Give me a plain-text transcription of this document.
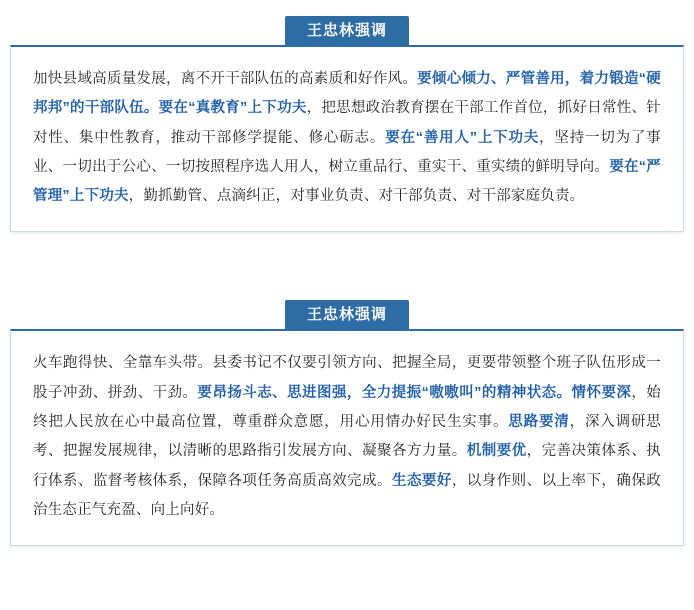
王忠林强调

加快县域高质量发展，离不开干部队伍的高素质和好作风。要倾心倾力、严管善用，着力锻造“硬邦邦”的干部队伍。要在“真教育”上下功夫，把思想政治教育摆在干部工作首位，抓好日常性、针对性、集中性教育，推动干部修学提能、修心砺志。要在“善用人”上下功夫，坚持一切为了事业、一切出于公心、一切按照程序选人用人，树立重品行、重实干、重实绩的鲜明导向。要在“严管理”上下功夫，勤抓勤管、点滴纠正，对事业负责、对干部负责、对干部家庭负责。

王忠林强调

火车跑得快、全靠车头带。县委书记不仅要引领方向、把握全局，更要带领整个班子队伍形成一股子冲劲、拼劲、干劲。要昂扬斗志、思进图强，全力提振“嗷嗷叫”的精神状态。情怀要深，始终把人民放在心中最高位置，尊重群众意愿，用心用情办好民生实事。思路要清，深入调研思考、把握发展规律，以清晰的思路指引发展方向、凝聚各方力量。机制要优，完善决策体系、执行体系、监督考核体系，保障各项任务高质高效完成。生态要好，以身作则、以上率下，确保政治生态正气充盈、向上向好。
